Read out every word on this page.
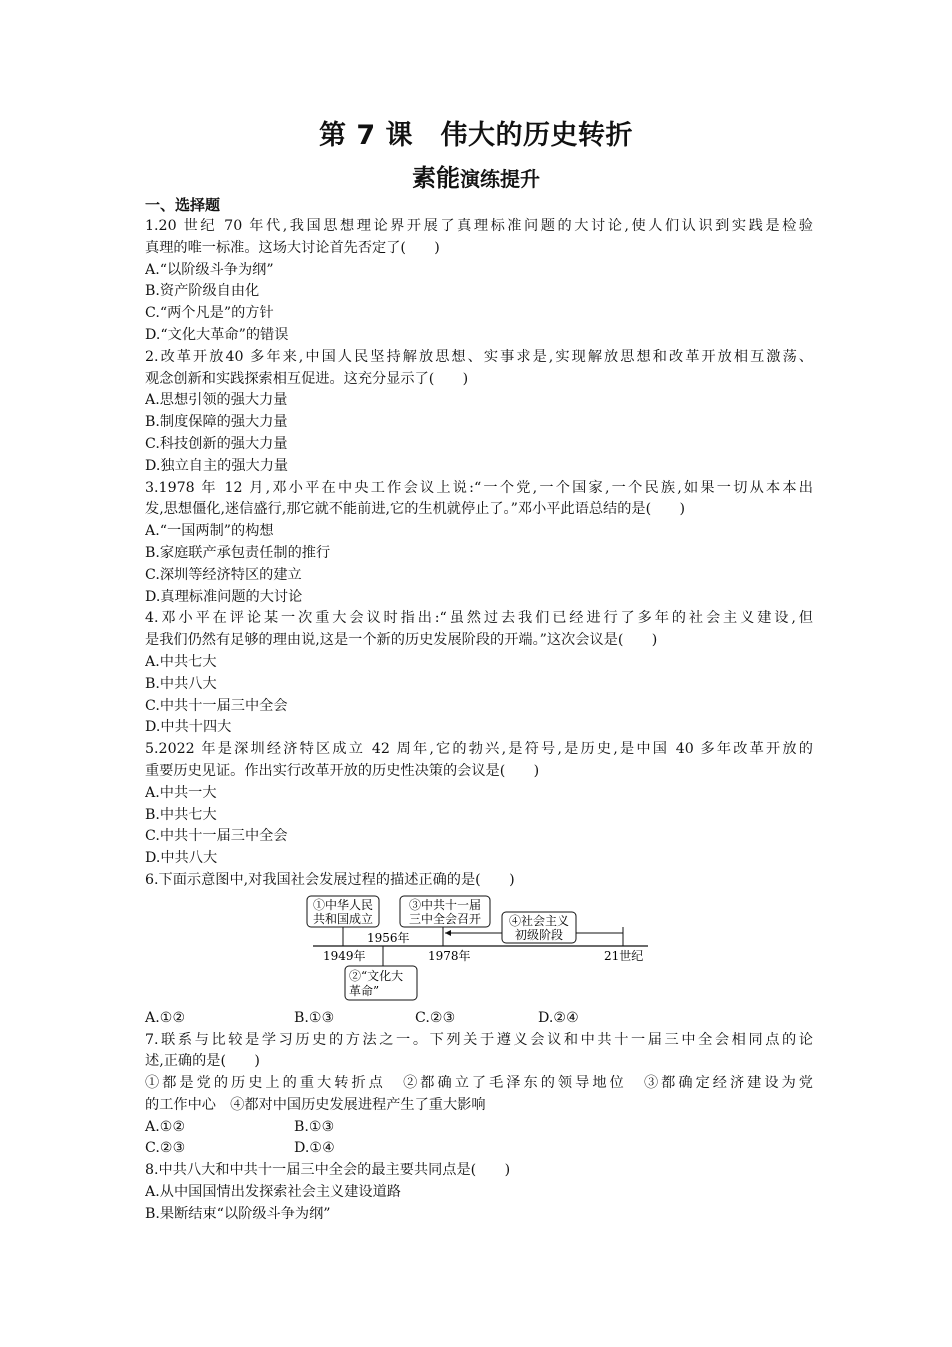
第 7 课　伟大的历史转折
素能演练提升
一、选择题
1.20 世纪 70 年代,我国思想理论界开展了真理标准问题的大讨论,使人们认识到实践是检验
真理的唯一标准。这场大讨论首先否定了(　　)
A.“以阶级斗争为纲”
B.资产阶级自由化
C.“两个凡是”的方针
D.“文化大革命”的错误
2.改革开放40 多年来,中国人民坚持解放思想、实事求是,实现解放思想和改革开放相互激荡、
观念创新和实践探索相互促进。这充分显示了(　　)
A.思想引领的强大力量
B.制度保障的强大力量
C.科技创新的强大力量
D.独立自主的强大力量
3.1978 年 12 月,邓小平在中央工作会议上说:“一个党,一个国家,一个民族,如果一切从本本出
发,思想僵化,迷信盛行,那它就不能前进,它的生机就停止了。”邓小平此语总结的是(　　)
A.“一国两制”的构想
B.家庭联产承包责任制的推行
C.深圳等经济特区的建立
D.真理标准问题的大讨论
4.邓小平在评论某一次重大会议时指出:“虽然过去我们已经进行了多年的社会主义建设,但
是我们仍然有足够的理由说,这是一个新的历史发展阶段的开端。”这次会议是(　　)
A.中共七大
B.中共八大
C.中共十一届三中全会
D.中共十四大
5.2022 年是深圳经济特区成立 42 周年,它的勃兴,是符号,是历史,是中国 40 多年改革开放的
重要历史见证。作出实行改革开放的历史性决策的会议是(　　)
A.中共一大
B.中共七大
C.中共十一届三中全会
D.中共八大
6.下面示意图中,对我国社会发展过程的描述正确的是(　　)
①中华人民
共和国成立
1956年
③中共十一届
三中全会召开 ④社会主义
初级阶段
1949年	1978年	21世纪
②“文化大
革命”

A.①②

	B.①③

	C.②③

	D.②④

7.联系与比较是学习历史的方法之一。下列关于遵义会议和中共十一届三中全会相同点的论
述,正确的是(　　)
①都是党的历史上的重大转折点　②都确立了毛泽东的领导地位　③都确定经济建设为党
的工作中心　④都对中国历史发展进程产生了重大影响

A.①②

	B.①③

C.②③

	D.①④

8.中共八大和中共十一届三中全会的最主要共同点是(　　)
A.从中国国情出发探索社会主义建设道路
B.果断结束“以阶级斗争为纲”
